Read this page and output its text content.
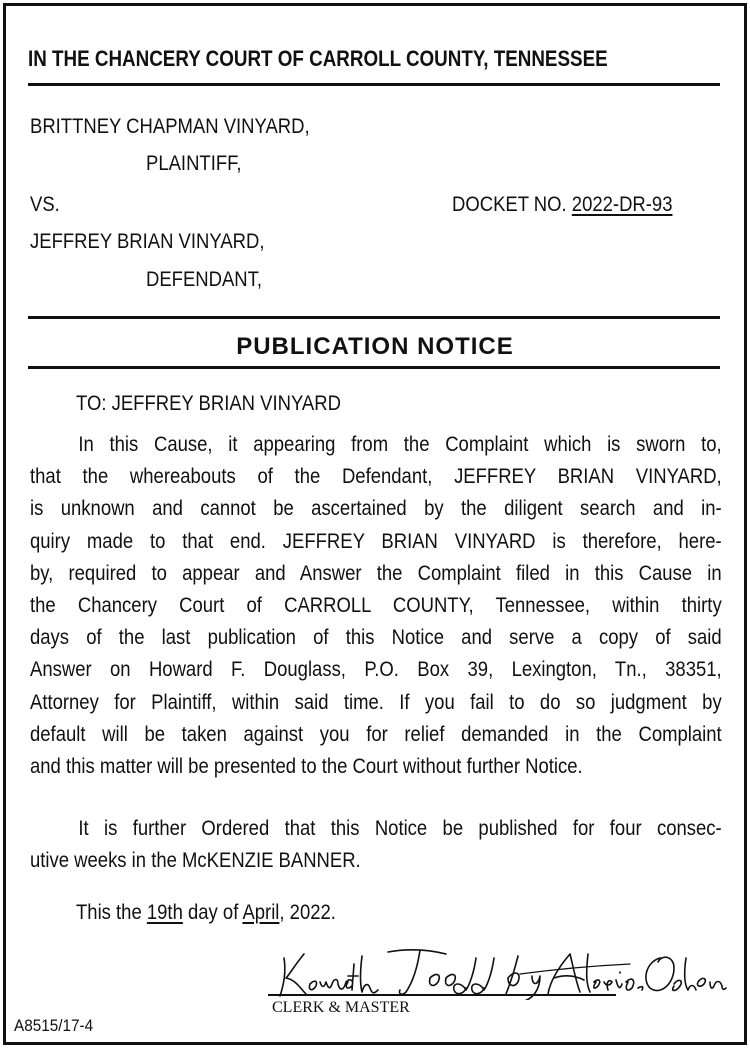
IN THE CHANCERY COURT OF CARROLL COUNTY, TENNESSEE
BRITTNEY CHAPMAN VINYARD,
PLAINTIFF,
VS.	DOCKET NO. 2022-DR-93
JEFFREY BRIAN VINYARD,
DEFENDANT,
PUBLICATION NOTICE
TO: JEFFREY BRIAN VINYARD
In this Cause, it appearing from the Complaint which is sworn to,
that the whereabouts of the Defendant, JEFFREY BRIAN VINYARD,
is unknown and cannot be ascertained by the diligent search and in-
quiry made to that end. JEFFREY BRIAN VINYARD is therefore, here-
by, required to appear and Answer the Complaint filed in this Cause in
the Chancery Court of CARROLL COUNTY, Tennessee, within thirty
days of the last publication of this Notice and serve a copy of said
Answer on Howard F. Douglass, P.O. Box 39, Lexington, Tn., 38351,
Attorney for Plaintiff, within said time. If you fail to do so judgment by
default will be taken against you for relief demanded in the Complaint
and this matter will be presented to the Court without further Notice.
It is further Ordered that this Notice be published for four consec-
utive weeks in the McKENZIE BANNER.
This the 19th day of April, 2022.
CLERK & MASTER
A8515/17-4
